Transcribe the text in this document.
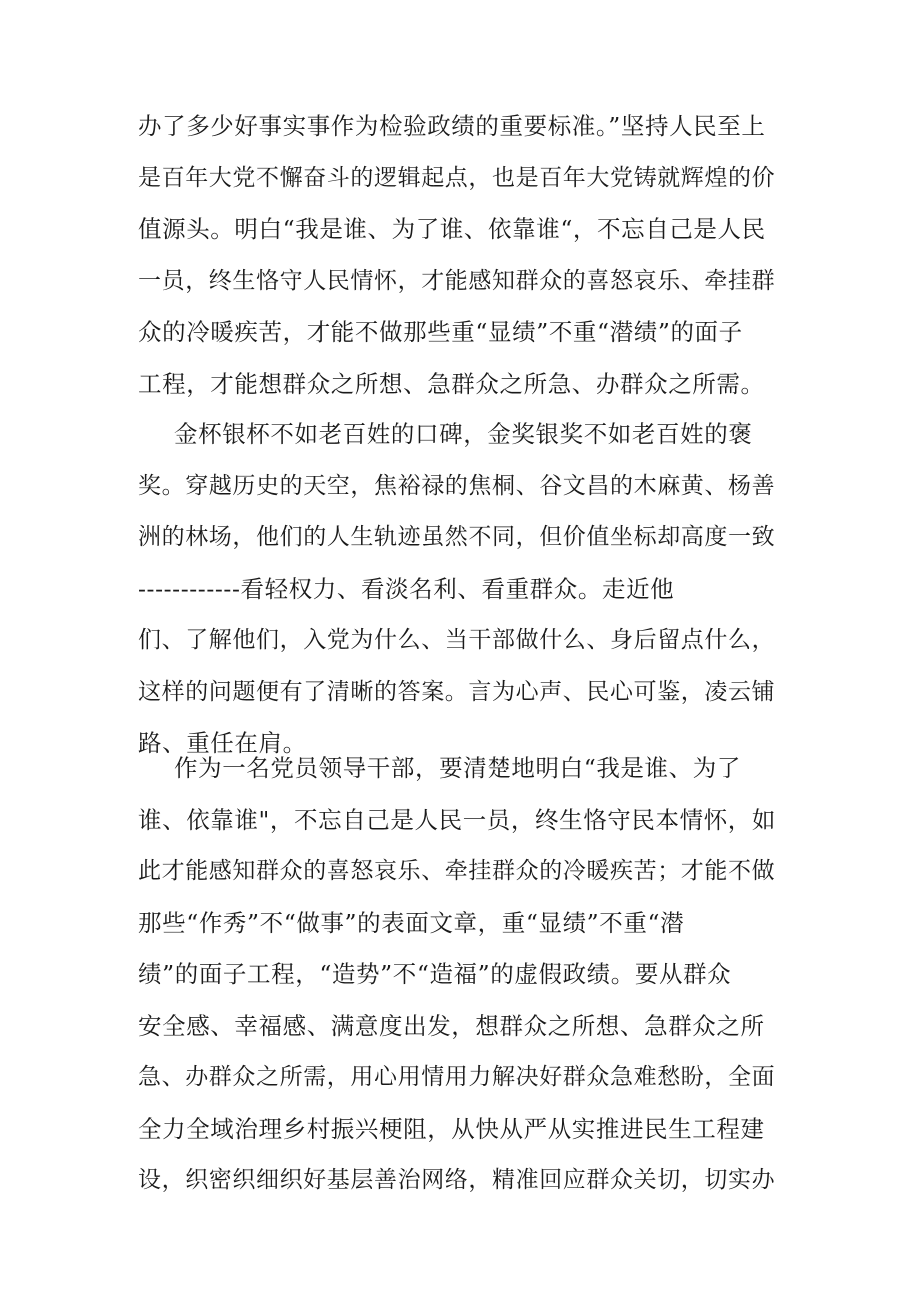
办了多少好事实事作为检验政绩的重要标准。”坚持人民至上
是百年大党不懈奋斗的逻辑起点，也是百年大党铸就辉煌的价
值源头。明白“我是谁、为了谁、依靠谁“，不忘自己是人民
一员，终生恪守人民情怀，才能感知群众的喜怒哀乐、牵挂群
众的冷暖疾苦，才能不做那些重“显绩”不重“潜绩”的面子
工程，才能想群众之所想、急群众之所急、办群众之所需。
金杯银杯不如老百姓的口碑，金奖银奖不如老百姓的褒
奖。穿越历史的天空，焦裕禄的焦桐、谷文昌的木麻黄、杨善
洲的林场，他们的人生轨迹虽然不同，但价值坐标却高度一致
------------看轻权力、看淡名利、看重群众。走近他
们、了解他们，入党为什么、当干部做什么、身后留点什么，
这样的问题便有了清晰的答案。言为心声、民心可鉴，凌云铺
路、重任在肩。
作为一名党员领导干部，要清楚地明白“我是谁、为了
谁、依靠谁"，不忘自己是人民一员，终生恪守民本情怀，如
此才能感知群众的喜怒哀乐、牵挂群众的冷暖疾苦；才能不做
那些“作秀”不“做事”的表面文章，重“显绩”不重“潜
绩”的面子工程，“造势”不“造福”的虚假政绩。要从群众
安全感、幸福感、满意度出发，想群众之所想、急群众之所
急、办群众之所需，用心用情用力解决好群众急难愁盼，全面
全力全域治理乡村振兴梗阻，从快从严从实推进民生工程建
设，织密织细织好基层善治网络，精准回应群众关切，切实办
